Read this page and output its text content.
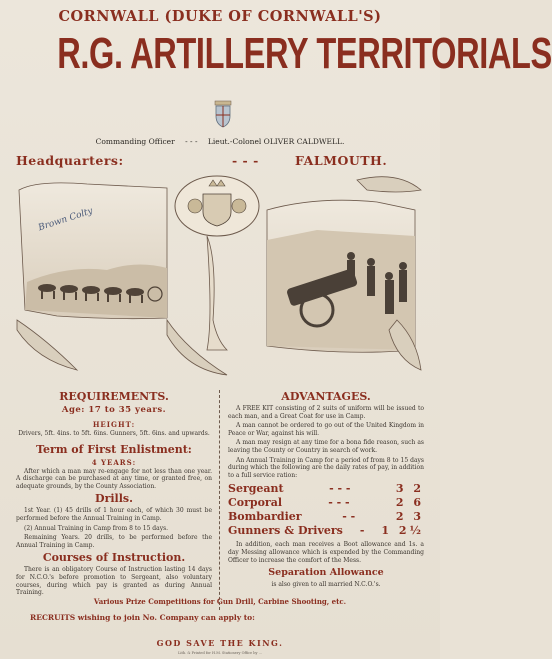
CORNWALL (DUKE OF CORNWALL'S)
R.G. ARTILLERY TERRITORIALS
Commanding Officer - - - Lieut.-Colonel OLIVER CALDWELL.
Headquarters:	- - -	FALMOUTH.
Brown Colty
REQUIREMENTS.
Age: 17 to 35 years.
HEIGHT:
Drivers, 5ft. 4ins. to 5ft. 6ins. Gunners, 5ft. 6ins. and upwards.
Term of First Enlistment:
4 YEARS:
After which a man may re-engage for not less than one year. A discharge can be purchased at any time, or granted free, on adequate grounds, by the County Association.
Drills.
1st Year. (1) 45 drills of 1 hour each, of which 30 must be performed before the Annual Training in Camp.
(2) Annual Training in Camp from 8 to 15 days.
Remaining Years. 20 drills, to be performed before the Annual Training in Camp.
Courses of Instruction.
There is an obligatory Course of Instruction lasting 14 days for N.C.O.'s before promotion to Sergeant, also voluntary courses, during which pay is granted as during Annual Training.
ADVANTAGES.
A FREE KIT consisting of 2 suits of uniform will be issued to each man, and a Great Coat for use in Camp.
A man cannot be ordered to go out of the United Kingdom in Peace or War, against his will.
A man may resign at any time for a bona fide reason, such as leaving the County or Country in search of work.
An Annual Training in Camp for a period of from 8 to 15 days during which the following are the daily rates of pay, in addition to a full service ration:
Sergeant	- - -	3 2
Corporal	- - -	2 6
Bombardier	- -	2 3
Gunners & Drivers - 1 2½
In addition, each man receives a Boot allowance and 1s. a day Messing allowance which is expended by the Commanding Officer to increase the comfort of the Mess.
Separation Allowance
is also given to all married N.C.O.'s.
Various Prize Competitions for Gun Drill, Carbine Shooting, etc.
RECRUITS wishing to join No. Company can apply to:
GOD SAVE THE KING.
Lith. & Printed for H.M. Stationery Office by ...
